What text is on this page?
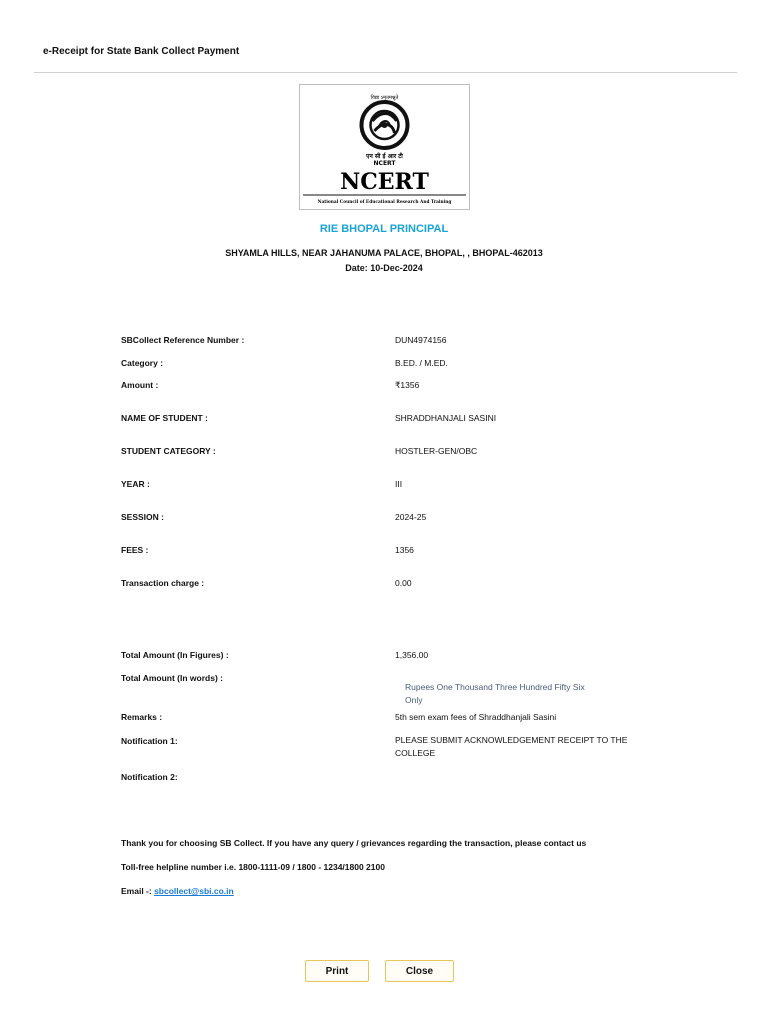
e-Receipt for State Bank Collect Payment
विद्या ऽमृतमश्नुते
एन सी ई आर टी
NCERT
NCERT
National Council of Educational Research And Training
RIE BHOPAL PRINCIPAL
SHYAMLA HILLS, NEAR JAHANUMA PALACE, BHOPAL, , BHOPAL-462013
Date: 10-Dec-2024
SBCollect Reference Number :	DUN4974156
Category :	B.ED. / M.ED.
Amount :	₹1356
NAME OF STUDENT :	SHRADDHANJALI SASINI
STUDENT CATEGORY :	HOSTLER-GEN/OBC
YEAR :	III
SESSION :	2024-25
FEES :	1356
Transaction charge :	0.00
Total Amount (In Figures) :	1,356.00
Total Amount (In words) :
Rupees One Thousand Three Hundred Fifty Six Only
Remarks :	5th sem exam fees of Shraddhanjali Sasini
Notification 1:	PLEASE SUBMIT ACKNOWLEDGEMENT RECEIPT TO THE COLLEGE
Notification 2:
Thank you for choosing SB Collect. If you have any query / grievances regarding the transaction, please contact us
Toll-free helpline number i.e. 1800-1111-09 / 1800 - 1234/1800 2100
Email -: sbcollect@sbi.co.in
Print	Close
